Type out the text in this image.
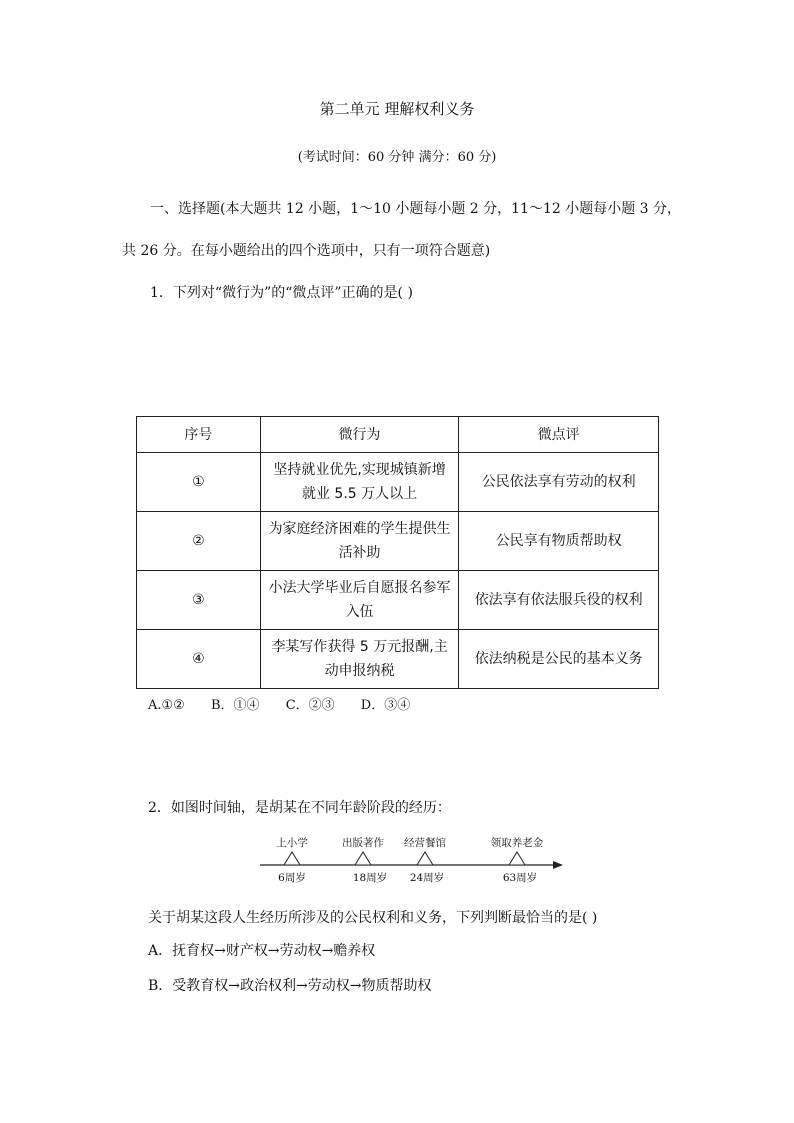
第二单元 理解权利义务
(考试时间：60 分钟 满分：60 分)
一、选择题(本大题共 12 小题，1～10 小题每小题 2 分，11～12 小题每小题 3 分，
共 26 分。在每小题给出的四个选项中，只有一项符合题意)
1．下列对“微行为”的“微点评”正确的是( )
序号	微行为	微点评
①	坚持就业优先,实现城镇新增就业 5.5 万人以上	公民依法享有劳动的权利
②	为家庭经济困难的学生提供生活补助	公民享有物质帮助权
③	小法大学毕业后自愿报名参军入伍	依法享有依法服兵役的权利
④	李某写作获得 5 万元报酬,主动申报纳税	依法纳税是公民的基本义务
A.①② B．①④ C．②③ D．③④
2．如图时间轴，是胡某在不同年龄阶段的经历：
上小学	出版著作 经营餐馆	领取养老金
6周岁	18周岁 24周岁	63周岁
关于胡某这段人生经历所涉及的公民权利和义务，下列判断最恰当的是( )
A．抚育权→财产权→劳动权→赡养权
B．受教育权→政治权利→劳动权→物质帮助权
